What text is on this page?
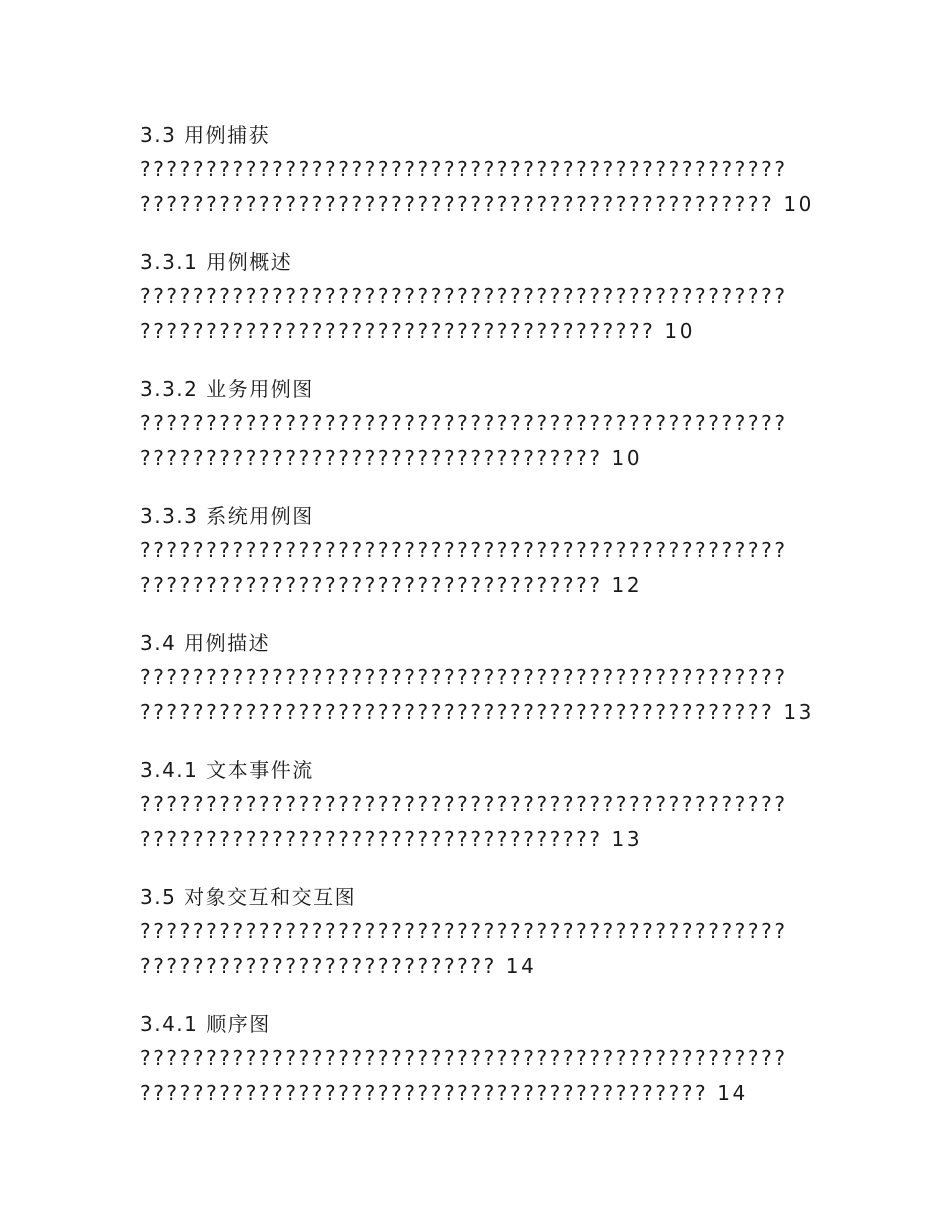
3.3 用例捕获
?????????????????????????????????????????????????
???????????????????????????????????????????????? 10
3.3.1 用例概述
?????????????????????????????????????????????????
??????????????????????????????????????? 10
3.3.2 业务用例图
?????????????????????????????????????????????????
??????????????????????????????????? 10
3.3.3 系统用例图
?????????????????????????????????????????????????
??????????????????????????????????? 12
3.4 用例描述
?????????????????????????????????????????????????
???????????????????????????????????????????????? 13
3.4.1 文本事件流
?????????????????????????????????????????????????
??????????????????????????????????? 13
3.5 对象交互和交互图
?????????????????????????????????????????????????
??????????????????????????? 14
3.4.1 顺序图
?????????????????????????????????????????????????
??????????????????????????????????????????? 14
